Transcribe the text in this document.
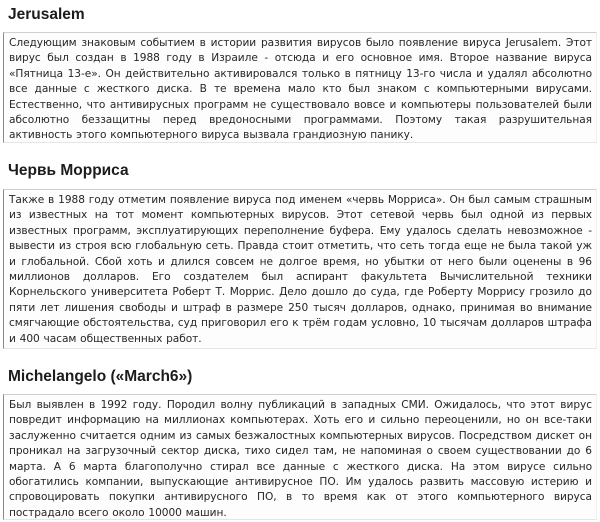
Jerusalem

Следующим знаковым событием в истории развития вирусов было появление вируса Jerusalem. Этот вирус был создан в 1988 году в Израиле - отсюда и его основное имя. Второе название вируса «Пятница 13-е». Он действительно активировался только в пятницу 13-го числа и удалял абсолютно все данные с жесткого диска. В те времена мало кто был знаком с компьютерными вирусами. Естественно, что антивирусных программ не существовало вовсе и компьютеры пользователей были абсолютно беззащитны перед вредоносными программами. Поэтому такая разрушительная активность этого компьютерного вируса вызвала грандиозную панику.

Червь Морриса

Также в 1988 году отметим появление вируса под именем «червь Морриса». Он был самым страшным из известных на тот момент компьютерных вирусов. Этот сетевой червь был одной из первых известных программ, эксплуатирующих переполнение буфера. Ему удалось сделать невозможное - вывести из строя всю глобальную сеть. Правда стоит отметить, что сеть тогда еще не была такой уж и глобальной. Сбой хоть и длился совсем не долгое время, но убытки от него были оценены в 96 миллионов долларов. Его создателем был аспирант факультета Вычислительной техники Корнельского университета Роберт Т. Моррис. Дело дошло до суда, где Роберту Моррису грозило до пяти лет лишения свободы и штраф в размере 250 тысяч долларов, однако, принимая во внимание смягчающие обстоятельства, суд приговорил его к трём годам условно, 10 тысячам долларов штрафа и 400 часам общественных работ.

Michelangelo («March6»)

Был выявлен в 1992 году. Породил волну публикаций в западных СМИ. Ожидалось, что этот вирус повредит информацию на миллионах компьютерах. Хоть его и сильно переоценили, но он все-таки заслуженно считается одним из самых безжалостных компьютерных вирусов. Посредством дискет он проникал на загрузочный сектор диска, тихо сидел там, не напоминая о своем существовании до 6 марта. А 6 марта благополучно стирал все данные с жесткого диска. На этом вирусе сильно обогатились компании, выпускающие антивирусное ПО. Им удалось развить массовую истерию и спровоцировать покупки антивирусного ПО, в то время как от этого компьютерного вируса пострадало всего около 10000 машин.
